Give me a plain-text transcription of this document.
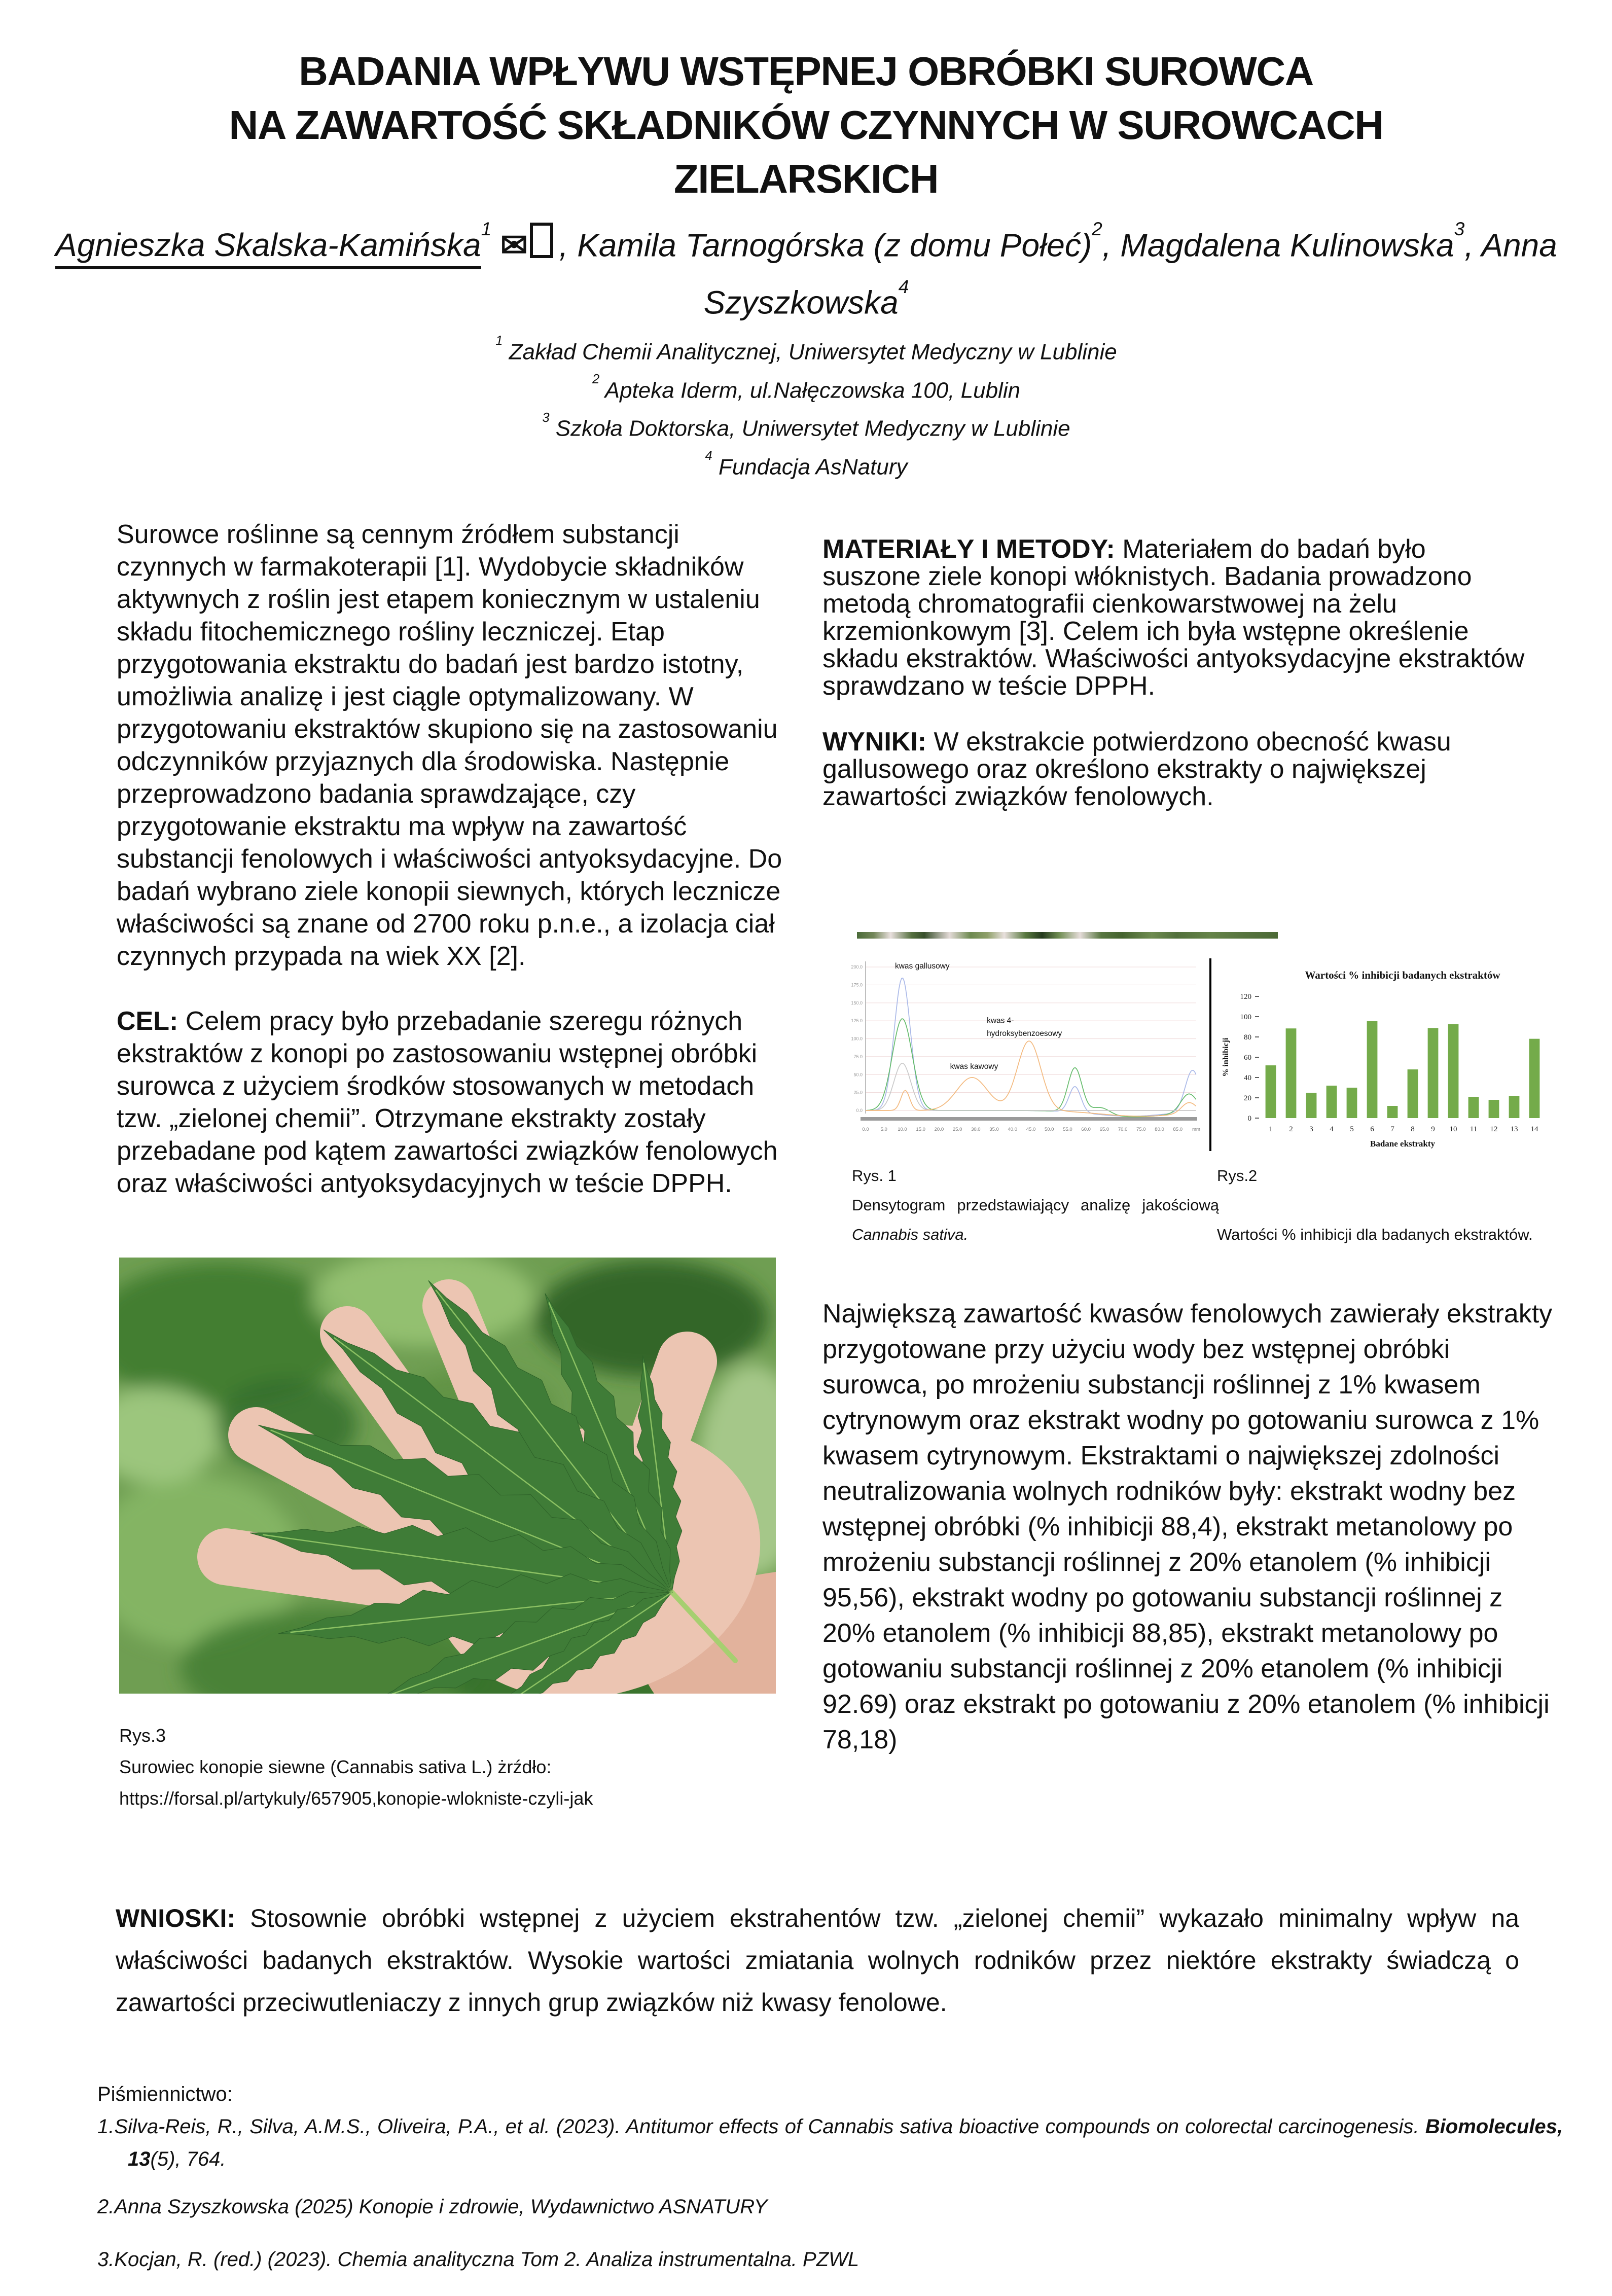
BADANIA WPŁYWU WSTĘPNEJ OBRÓBKI SUROWCA
NA ZAWARTOŚĆ SKŁADNIKÓW CZYNNYCH W SUROWCACH
ZIELARSKICH
Agnieszka Skalska-Kamińska$^1$ ✉ , Kamila Tarnogórska (z domu Połeć)$^2$, Magdalena Kulinowska$^3$, Anna Szyszkowska$^4$
$^1$ Zakład Chemii Analitycznej, Uniwersytet Medyczny w Lublinie
$^2$ Apteka Iderm, ul.Nałęczowska 100, Lublin
$^3$ Szkoła Doktorska, Uniwersytet Medyczny w Lublinie
$^4$ Fundacja AsNatury

Surowce roślinne są cennym źródłem substancji czynnych w farmakoterapii [1]. Wydobycie składników aktywnych z roślin jest etapem koniecznym w ustaleniu składu fitochemicznego rośliny leczniczej. Etap przygotowania ekstraktu do badań jest bardzo istotny, umożliwia analizę i jest ciągle optymalizowany. W przygotowaniu ekstraktów skupiono się na zastosowaniu odczynników przyjaznych dla środowiska. Następnie przeprowadzono badania sprawdzające, czy przygotowanie ekstraktu ma wpływ na zawartość substancji fenolowych i właściwości antyoksydacyjne. Do badań wybrano ziele konopii siewnych, których lecznicze właściwości są znane od 2700 roku p.n.e., a izolacja ciał czynnych przypada na wiek XX [2].

CEL: Celem pracy było przebadanie szeregu różnych ekstraktów z konopi po zastosowaniu wstępnej obróbki surowca z użyciem środków stosowanych w metodach tzw. „zielonej chemii”. Otrzymane ekstrakty zostały przebadane pod kątem zawartości związków fenolowych oraz właściwości antyoksydacyjnych w teście DPPH.

MATERIAŁY I METODY: Materiałem do badań było suszone ziele konopi włóknistych. Badania prowadzono metodą chromatografii cienkowarstwowej na żelu krzemionkowym [3]. Celem ich była wstępne określenie składu ekstraktów. Właściwości antyoksydacyjne ekstraktów sprawdzano w teście DPPH.

WYNIKI: W ekstrakcie potwierdzono obecność kwasu gallusowego oraz określono ekstrakty o największej zawartości związków fenolowych.

0.0
25.0
50.0
75.0
100.0
125.0
150.0
175.0
200.0
0.0 5.0 10.0 15.0 20.0 25.0 30.0 35.0 40.0 45.0 50.0 55.0 60.0 65.0 70.0 75.0 80.0 85.0 mm
kwas gallusowy
kwas kawowy
kwas 4-
hydroksybenzoesowy
Wartości % inhibicji badanych ekstraktów
0
20
40
60
80
100
120
% inhibicji
1 2 3 4 5 6 7 8 9 10 11 12 13 14
Badane ekstrakty
Rys. 1
Densytogram przedstawiający analizę jakościową Cannabis sativa.
Rys.2
Wartości % inhibicji dla badanych ekstraktów.
Największą zawartość kwasów fenolowych zawierały ekstrakty przygotowane przy użyciu wody bez wstępnej obróbki surowca, po mrożeniu substancji roślinnej z 1% kwasem cytrynowym oraz ekstrakt wodny po gotowaniu surowca z 1% kwasem cytrynowym. Ekstraktami o największej zdolności neutralizowania wolnych rodników były: ekstrakt wodny bez wstępnej obróbki (% inhibicji 88,4), ekstrakt metanolowy po mrożeniu substancji roślinnej z 20% etanolem (% inhibicji 95,56), ekstrakt wodny po gotowaniu substancji roślinnej z 20% etanolem (% inhibicji 88,85), ekstrakt metanolowy po gotowaniu substancji roślinnej z 20% etanolem (% inhibicji 92.69) oraz ekstrakt po gotowaniu z 20% etanolem (% inhibicji 78,18)
Rys.3
Surowiec konopie siewne (Cannabis sativa L.) żrźdło:
https://forsal.pl/artykuly/657905,konopie-wlokniste-czyli-jak
WNIOSKI: Stosownie obróbki wstępnej z użyciem ekstrahentów tzw. „zielonej chemii” wykazało minimalny wpływ na właściwości badanych ekstraktów. Wysokie wartości zmiatania wolnych rodników przez niektóre ekstrakty świadczą o zawartości przeciwutleniaczy z innych grup związków niż kwasy fenolowe.
Piśmiennictwo:

1.Silva-Reis, R., Silva, A.M.S., Oliveira, P.A., et al. (2023). Antitumor effects of Cannabis sativa bioactive compounds on colorectal carcinogenesis. Biomolecules, 13(5), 764.

2.Anna Szyszkowska (2025) Konopie i zdrowie, Wydawnictwo ASNATURY

3.Kocjan, R. (red.) (2023). Chemia analityczna Tom 2. Analiza instrumentalna. PZWL
